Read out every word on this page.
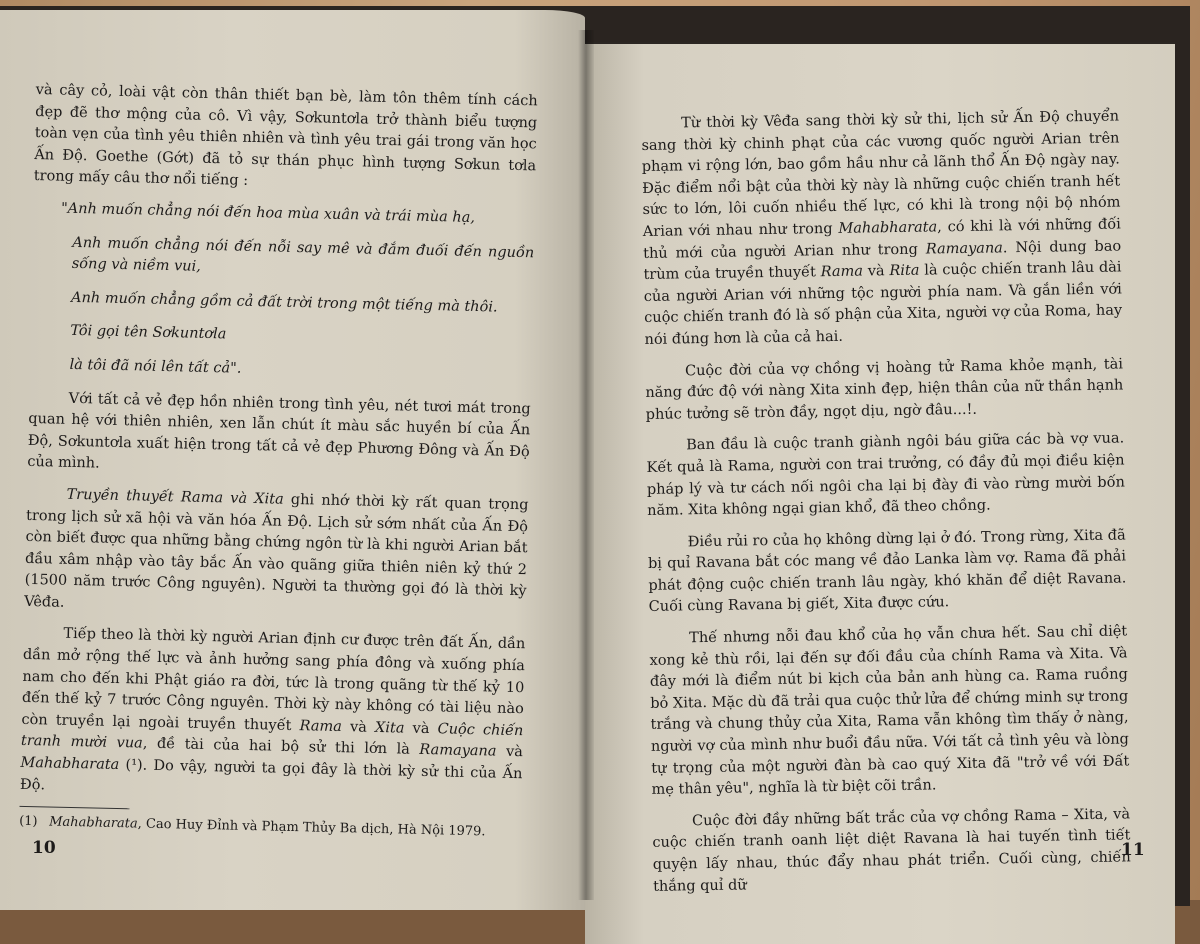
và cây cỏ, loài vật còn thân thiết bạn bè, làm tôn thêm tính cách đẹp đẽ thơ mộng của cô. Vì vậy, Sơkuntơla trở thành biểu tượng toàn vẹn của tình yêu thiên nhiên và tình yêu trai gái trong văn học Ấn Độ. Goethe (Gớt) đã tỏ sự thán phục hình tượng Sơkun tơla trong mấy câu thơ nổi tiếng :

"Anh muốn chẳng nói đến hoa mùa xuân và trái mùa hạ,

Anh muốn chẳng nói đến nỗi say mê và đắm đuối đến nguồn sống và niềm vui,

Anh muốn chẳng gồm cả đất trời trong một tiếng mà thôi.

Tôi gọi tên Sơkuntơla

là tôi đã nói lên tất cả".

Với tất cả vẻ đẹp hồn nhiên trong tình yêu, nét tươi mát trong quan hệ với thiên nhiên, xen lẫn chút ít màu sắc huyền bí của Ấn Độ, Sơkuntơla xuất hiện trong tất cả vẻ đẹp Phương Đông và Ấn Độ của mình.

Truyền thuyết Rama và Xita ghi nhớ thời kỳ rất quan trọng trong lịch sử xã hội và văn hóa Ấn Độ. Lịch sử sớm nhất của Ấn Độ còn biết được qua những bằng chứng ngôn từ là khi người Arian bắt đầu xâm nhập vào tây bắc Ấn vào quãng giữa thiên niên kỷ thứ 2 (1500 năm trước Công nguyên). Người ta thường gọi đó là thời kỳ Vêđa.

Tiếp theo là thời kỳ người Arian định cư được trên đất Ấn, dần dần mở rộng thế lực và ảnh hưởng sang phía đông và xuống phía nam cho đến khi Phật giáo ra đời, tức là trong quãng từ thế kỷ 10 đến thế kỷ 7 trước Công nguyên. Thời kỳ này không có tài liệu nào còn truyền lại ngoài truyền thuyết Rama và Xita và Cuộc chiến tranh mười vua, đề tài của hai bộ sử thi lớn là Ramayana và Mahabharata (¹). Do vậy, người ta gọi đây là thời kỳ sử thi của Ấn Độ.

(1) Mahabharata, Cao Huy Đỉnh và Phạm Thủy Ba dịch, Hà Nội 1979.
10

Từ thời kỳ Vêđa sang thời kỳ sử thi, lịch sử Ấn Độ chuyển sang thời kỳ chinh phạt của các vương quốc người Arian trên phạm vi rộng lớn, bao gồm hầu như cả lãnh thổ Ấn Độ ngày nay. Đặc điểm nổi bật của thời kỳ này là những cuộc chiến tranh hết sức to lớn, lôi cuốn nhiều thế lực, có khi là trong nội bộ nhóm Arian với nhau như trong Mahabharata, có khi là với những đối thủ mới của người Arian như trong Ramayana. Nội dung bao trùm của truyền thuyết Rama và Rita là cuộc chiến tranh lâu dài của người Arian với những tộc người phía nam. Và gắn liền với cuộc chiến tranh đó là số phận của Xita, người vợ của Roma, hay nói đúng hơn là của cả hai.

Cuộc đời của vợ chồng vị hoàng tử Rama khỏe mạnh, tài năng đức độ với nàng Xita xinh đẹp, hiện thân của nữ thần hạnh phúc tưởng sẽ tròn đầy, ngọt dịu, ngờ đâu...!.

Ban đầu là cuộc tranh giành ngôi báu giữa các bà vợ vua. Kết quả là Rama, người con trai trưởng, có đầy đủ mọi điều kiện pháp lý và tư cách nối ngôi cha lại bị đày đi vào rừng mười bốn năm. Xita không ngại gian khổ, đã theo chồng.

Điều rủi ro của họ không dừng lại ở đó. Trong rừng, Xita đã bị quỉ Ravana bắt cóc mang về đảo Lanka làm vợ. Rama đã phải phát động cuộc chiến tranh lâu ngày, khó khăn để diệt Ravana. Cuối cùng Ravana bị giết, Xita được cứu.

Thế nhưng nỗi đau khổ của họ vẫn chưa hết. Sau chỉ diệt xong kẻ thù rồi, lại đến sự đối đầu của chính Rama và Xita. Và đây mới là điểm nút bi kịch của bản anh hùng ca. Rama ruồng bỏ Xita. Mặc dù đã trải qua cuộc thử lửa để chứng minh sự trong trắng và chung thủy của Xita, Rama vẫn không tìm thấy ở nàng, người vợ của mình như buổi đầu nữa. Với tất cả tình yêu và lòng tự trọng của một người đàn bà cao quý Xita đã "trở về với Đất mẹ thân yêu", nghĩa là từ biệt cõi trần.

Cuộc đời đầy những bất trắc của vợ chồng Rama – Xita, và cuộc chiến tranh oanh liệt diệt Ravana là hai tuyến tình tiết quyện lấy nhau, thúc đẩy nhau phát triển. Cuối cùng, chiến thắng quỉ dữ

11
